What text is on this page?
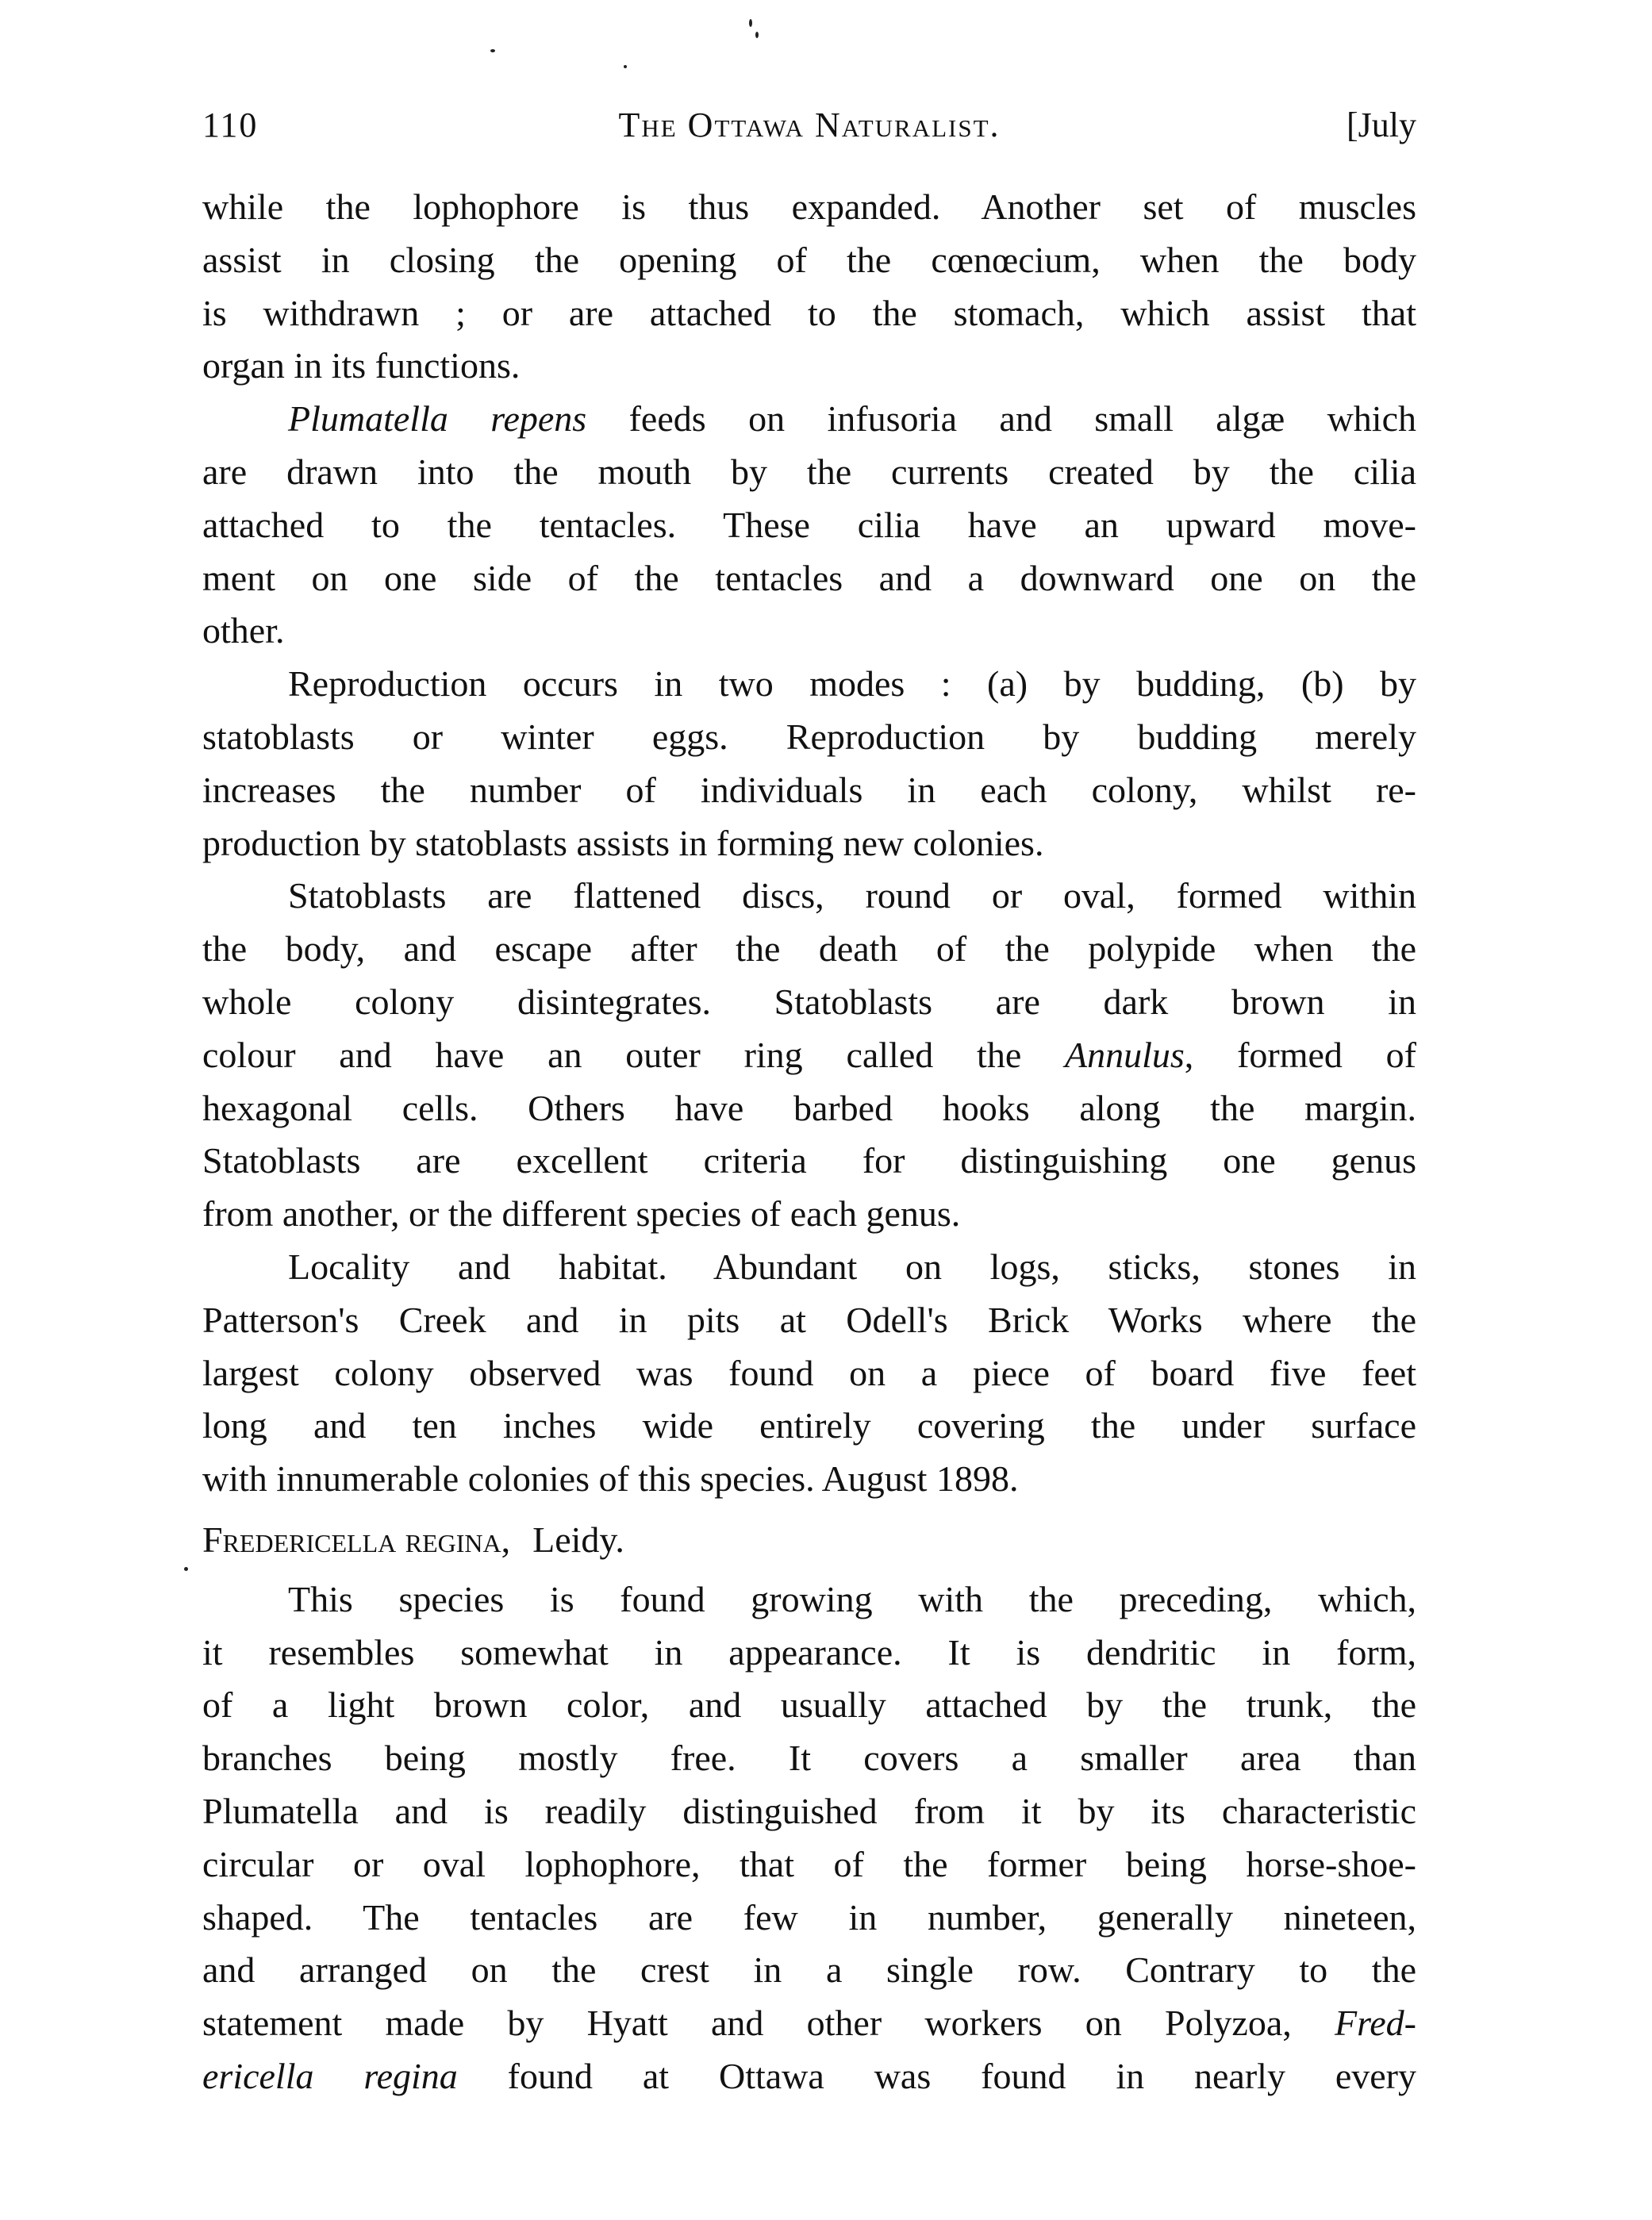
110	The Ottawa Naturalist.	[July

while the lophophore is thus expanded. Another set of muscles
assist in closing the opening of the cœnœcium, when the body
is withdrawn ; or are attached to the stomach, which assist that
organ in its functions.

Plumatella repens feeds on infusoria and small algæ which
are drawn into the mouth by the currents created by the cilia
attached to the tentacles. These cilia have an upward move-
ment on one side of the tentacles and a downward one on the
other.

Reproduction occurs in two modes : (a) by budding, (b) by
statoblasts or winter eggs. Reproduction by budding merely
increases the number of individuals in each colony, whilst re-
production by statoblasts assists in forming new colonies.

Statoblasts are flattened discs, round or oval, formed within
the body, and escape after the death of the polypide when the
whole colony disintegrates. Statoblasts are dark brown in
colour and have an outer ring called the Annulus, formed of
hexagonal cells. Others have barbed hooks along the margin.
Statoblasts are excellent criteria for distinguishing one genus
from another, or the different species of each genus.

Locality and habitat. Abundant on logs, sticks, stones in
Patterson's Creek and in pits at Odell's Brick Works where the
largest colony observed was found on a piece of board five feet
long and ten inches wide entirely covering the under surface
with innumerable colonies of this species. August 1898.

Fredericella regina, Leidy.

This species is found growing with the preceding, which,
it resembles somewhat in appearance. It is dendritic in form,
of a light brown color, and usually attached by the trunk, the
branches being mostly free. It covers a smaller area than
Plumatella and is readily distinguished from it by its characteristic
circular or oval lophophore, that of the former being horse-shoe-
shaped. The tentacles are few in number, generally nineteen,
and arranged on the crest in a single row. Contrary to the
statement made by Hyatt and other workers on Polyzoa, Fred-
ericella regina found at Ottawa was found in nearly every
